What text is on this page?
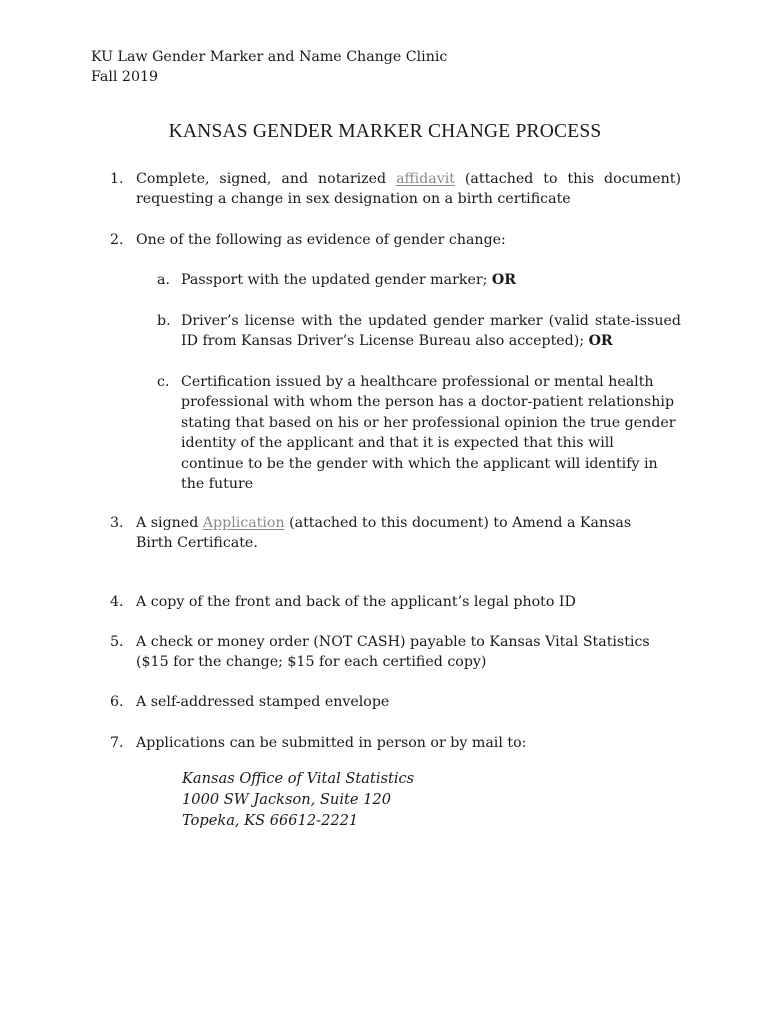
KU Law Gender Marker and Name Change Clinic
Fall 2019
KANSAS GENDER MARKER CHANGE PROCESS
1. Complete, signed, and notarized affidavit (attached to this document) requesting a change in sex designation on a birth certificate
2. One of the following as evidence of gender change:
a. Passport with the updated gender marker; OR
b. Driver’s license with the updated gender marker (valid state-issued ID from Kansas Driver’s License Bureau also accepted); OR
c. Certification issued by a healthcare professional or mental health professional with whom the person has a doctor-patient relationship stating that based on his or her professional opinion the true gender identity of the applicant and that it is expected that this will continue to be the gender with which the applicant will identify in the future
3. A signed Application (attached to this document) to Amend a Kansas Birth Certificate.
4. A copy of the front and back of the applicant’s legal photo ID
5. A check or money order (NOT CASH) payable to Kansas Vital Statistics ($15 for the change; $15 for each certified copy)
6. A self-addressed stamped envelope
7. Applications can be submitted in person or by mail to:
Kansas Office of Vital Statistics
1000 SW Jackson, Suite 120
Topeka, KS 66612-2221
